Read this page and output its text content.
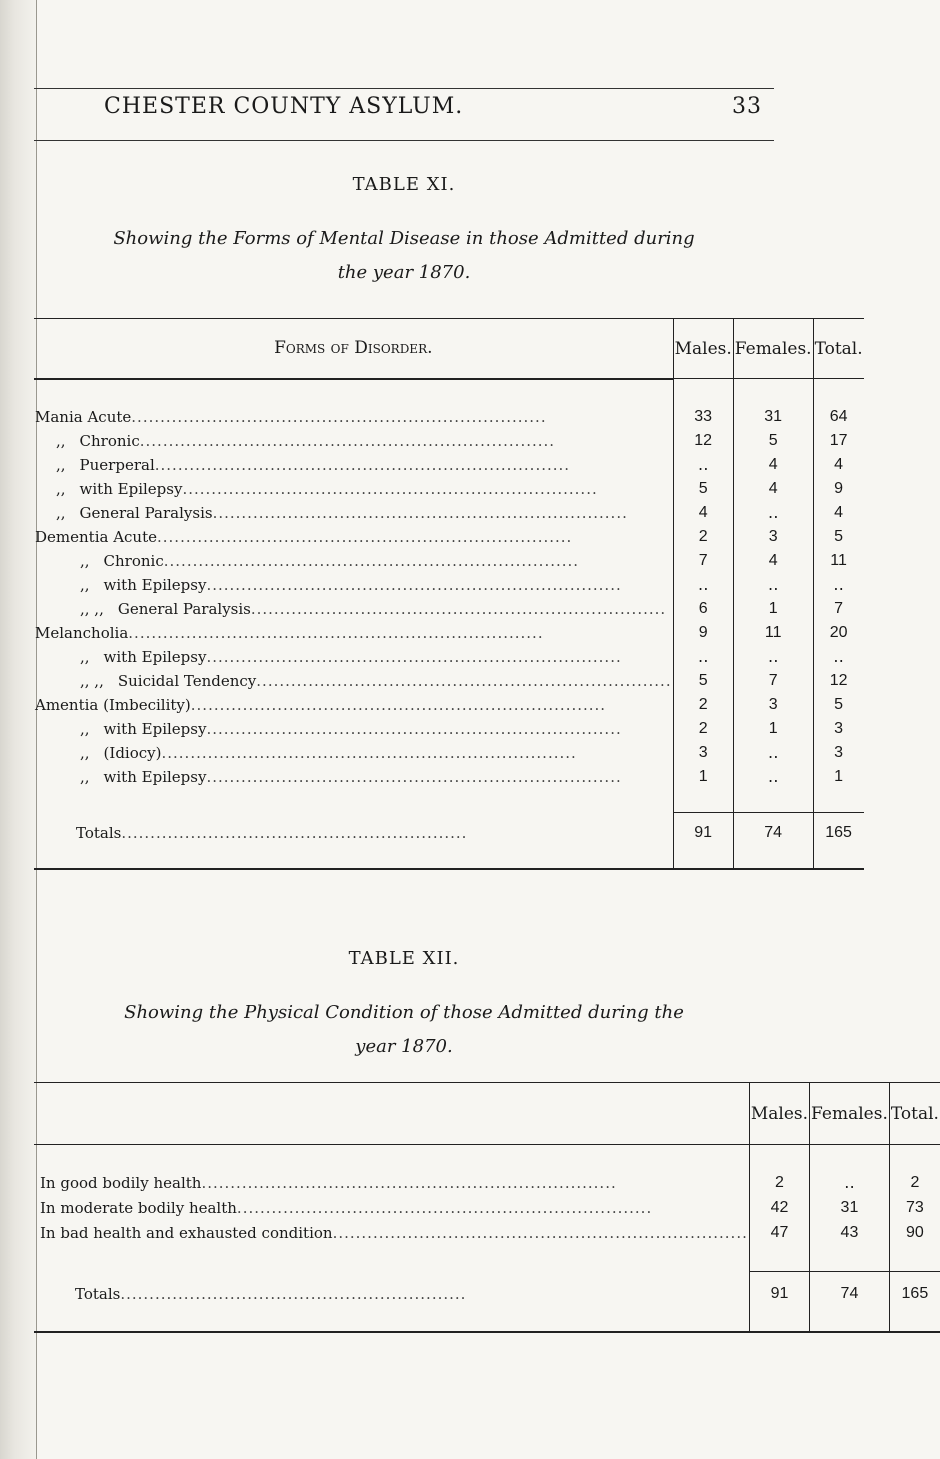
CHESTER COUNTY ASYLUM.	33
TABLE XI.
Showing the Forms of Mental Disease in those Admitted during
the year 1870.
Forms of Disorder.	Males.	Females.	Total.

Mania Acute ........................................................................	33	31	64

,, Chronic ........................................................................	12	5	17

,, Puerperal ........................................................................	‥	4	4

,, with Epilepsy ........................................................................	5	4	9

,, General Paralysis ........................................................................	4	‥	4

Dementia Acute ........................................................................	2	3	5

,, Chronic ........................................................................	7	4	11

,, with Epilepsy ........................................................................	‥	‥	‥

,, ,, General Paralysis ........................................................................	6	1	7

Melancholia ........................................................................	9	11	20

,, with Epilepsy ........................................................................	‥	‥	‥

,, ,, Suicidal Tendency ........................................................................	5	7	12

Amentia (Imbecility) ........................................................................	2	3	5

,, with Epilepsy ........................................................................	2	1	3

,, (Idiocy) ........................................................................	3	‥	3

,, with Epilepsy ........................................................................	1	‥	1

Totals ............................................................	91	74	165

TABLE XII.
Showing the Physical Condition of those Admitted during the
year 1870.
	Males.	Females.	Total.

In good bodily health ........................................................................	2	‥	2

In moderate bodily health ........................................................................	42	31	73

In bad health and exhausted condition ........................................................................	47	43	90

Totals ............................................................	91	74	165
